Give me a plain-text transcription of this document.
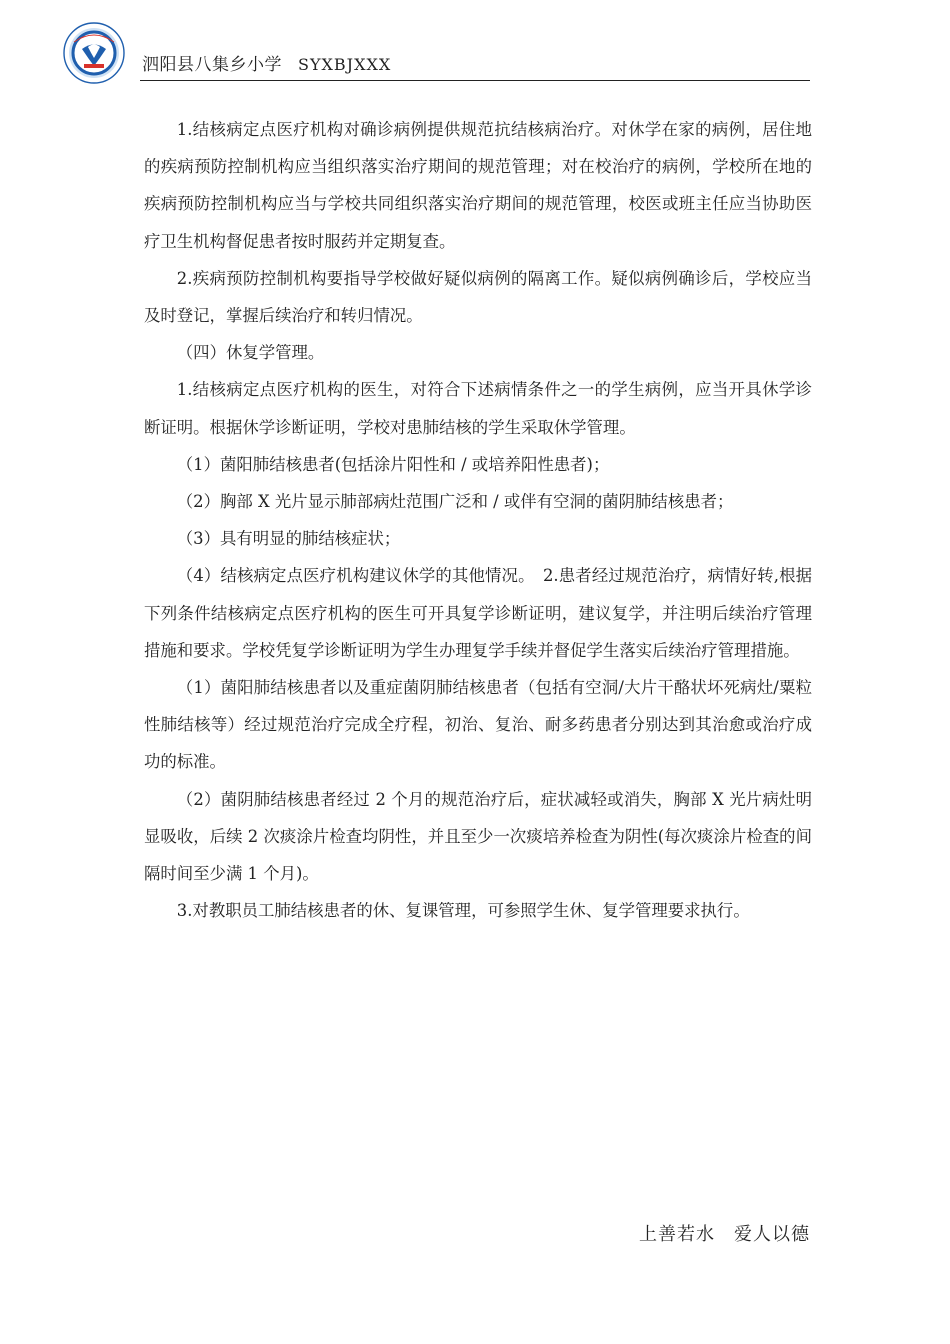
泗阳县八集乡小学 SYXBJXXX

1.结核病定点医疗机构对确诊病例提供规范抗结核病治疗。对休学在家的病例，居住地的疾病预防控制机构应当组织落实治疗期间的规范管理；对在校治疗的病例，学校所在地的疾病预防控制机构应当与学校共同组织落实治疗期间的规范管理，校医或班主任应当协助医疗卫生机构督促患者按时服药并定期复查。

2.疾病预防控制机构要指导学校做好疑似病例的隔离工作。疑似病例确诊后，学校应当及时登记，掌握后续治疗和转归情况。

（四）休复学管理。

1.结核病定点医疗机构的医生，对符合下述病情条件之一的学生病例，应当开具休学诊断证明。根据休学诊断证明，学校对患肺结核的学生采取休学管理。

（1）菌阳肺结核患者(包括涂片阳性和 / 或培养阳性患者)；

（2）胸部 X 光片显示肺部病灶范围广泛和 / 或伴有空洞的菌阴肺结核患者；

（3）具有明显的肺结核症状；

（4）结核病定点医疗机构建议休学的其他情况。　2.患者经过规范治疗，病情好转,根据下列条件结核病定点医疗机构的医生可开具复学诊断证明，建议复学，并注明后续治疗管理措施和要求。学校凭复学诊断证明为学生办理复学手续并督促学生落实后续治疗管理措施。

（1）菌阳肺结核患者以及重症菌阴肺结核患者（包括有空洞/大片干酪状坏死病灶/粟粒性肺结核等）经过规范治疗完成全疗程，初治、复治、耐多药患者分别达到其治愈或治疗成功的标准。

（2）菌阴肺结核患者经过 2 个月的规范治疗后，症状减轻或消失，胸部 X 光片病灶明显吸收，后续 2 次痰涂片检查均阴性，并且至少一次痰培养检查为阴性(每次痰涂片检查的间隔时间至少满 1 个月)。

3.对教职员工肺结核患者的休、复课管理，可参照学生休、复学管理要求执行。

上善若水　爱人以德
